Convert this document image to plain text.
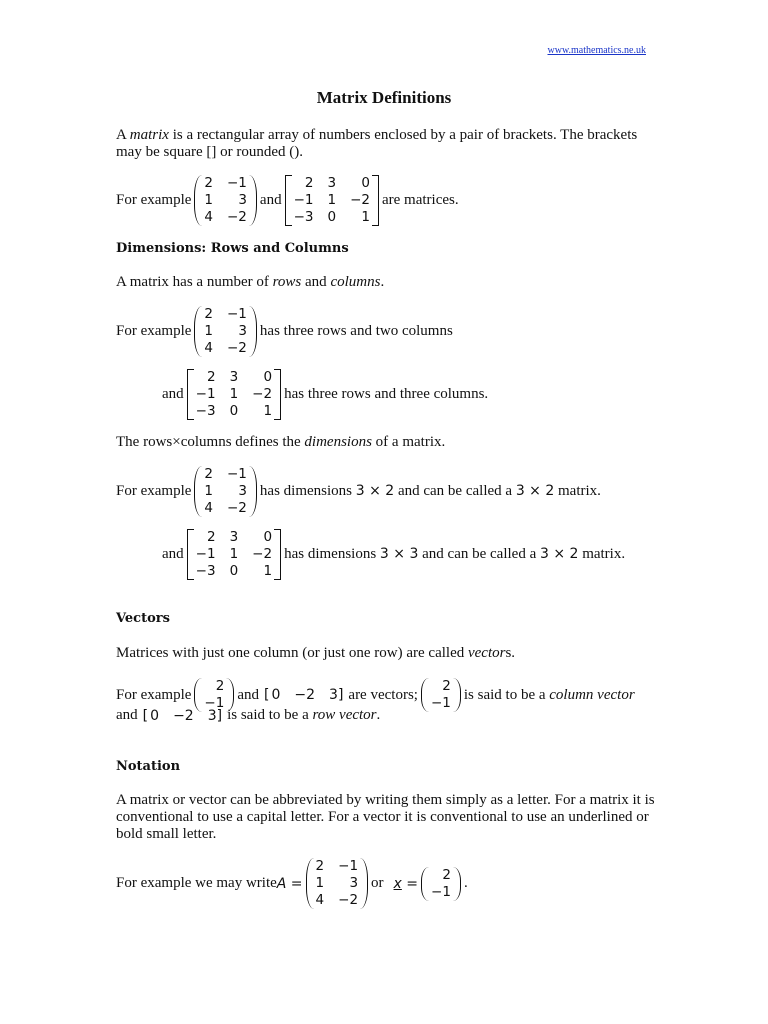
www.mathematics.ne.uk
Matrix Definitions
A matrix is a rectangular array of numbers enclosed by a pair of brackets. The brackets may be square [] or rounded ().
For example
2 −1
1	3
4 −2
and
2 3	0
−1 1 −2
−3 0	1
are matrices.
Dimensions: Rows and Columns
A matrix has a number of rows and columns.
For example
2 −1
1	3
4 −2
has three rows and two columns
and
2 3	0
−1 1 −2
−3 0	1
has three rows and three columns.
The rows×columns defines the dimensions of a matrix.
For example
2 −1
1	3
4 −2
has dimensions 3 × 2 and can be called a 3 × 2 matrix.
and
2 3	0
−1 1 −2
−3 0	1
has dimensions 3 × 3 and can be called a 3 × 2 matrix.
Vectors
Matrices with just one column (or just one row) are called vectors.
For example
2
−1
and [ 0 −2 3] are vectors;
2
−1
is said to be a column vector
and [ 0 −2 3] is said to be a row vector.
Notation
A matrix or vector can be abbreviated by writing them simply as a letter. For a matrix it is conventional to use a capital letter. For a vector it is conventional to use an underlined or bold small letter.
For example we may write A =
2 −1
1	3
4 −2
or x =
2
−1
.
